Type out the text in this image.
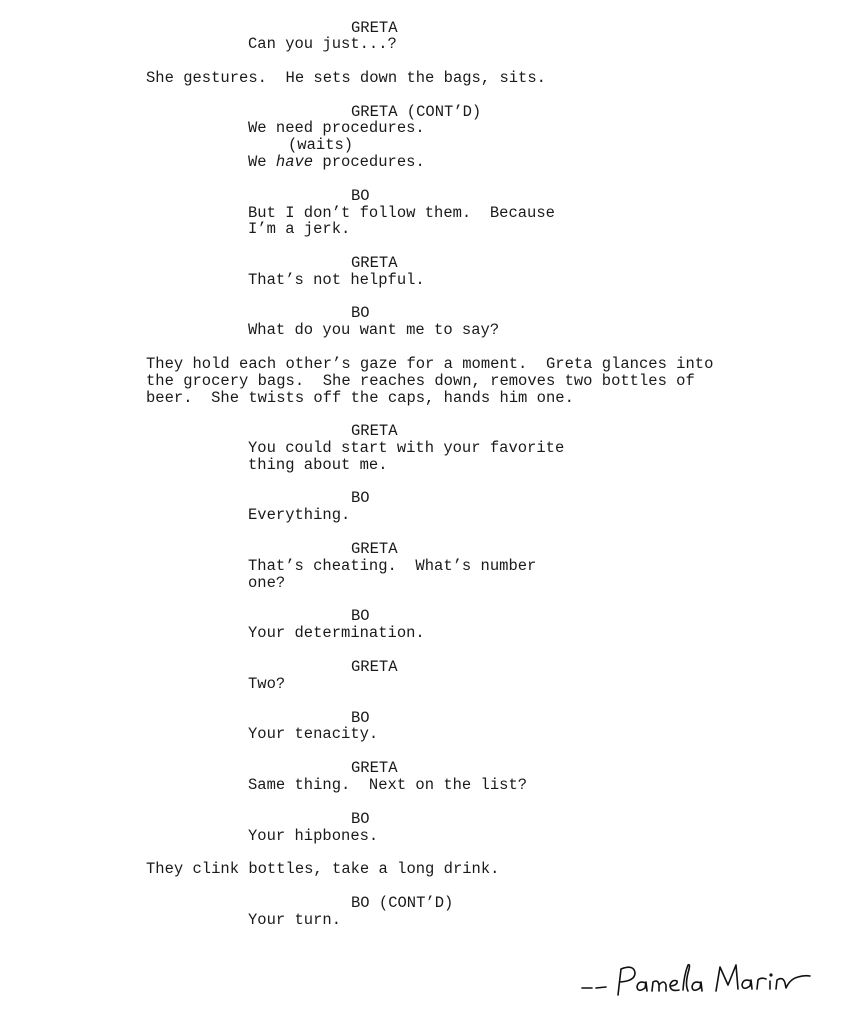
GRETA
Can you just...?
She gestures.  He sets down the bags, sits.
GRETA (CONT’D)
We need procedures.
(waits)
We have procedures.
BO
But I don’t follow them.  Because
I’m a jerk.
GRETA
That’s not helpful.
BO
What do you want me to say?
They hold each other’s gaze for a moment.  Greta glances into
the grocery bags.  She reaches down, removes two bottles of
beer.  She twists off the caps, hands him one.
GRETA
You could start with your favorite
thing about me.
BO
Everything.
GRETA
That’s cheating.  What’s number
one?
BO
Your determination.
GRETA
Two?
BO
Your tenacity.
GRETA
Same thing.  Next on the list?
BO
Your hipbones.
They clink bottles, take a long drink.
BO (CONT’D)
Your turn.
